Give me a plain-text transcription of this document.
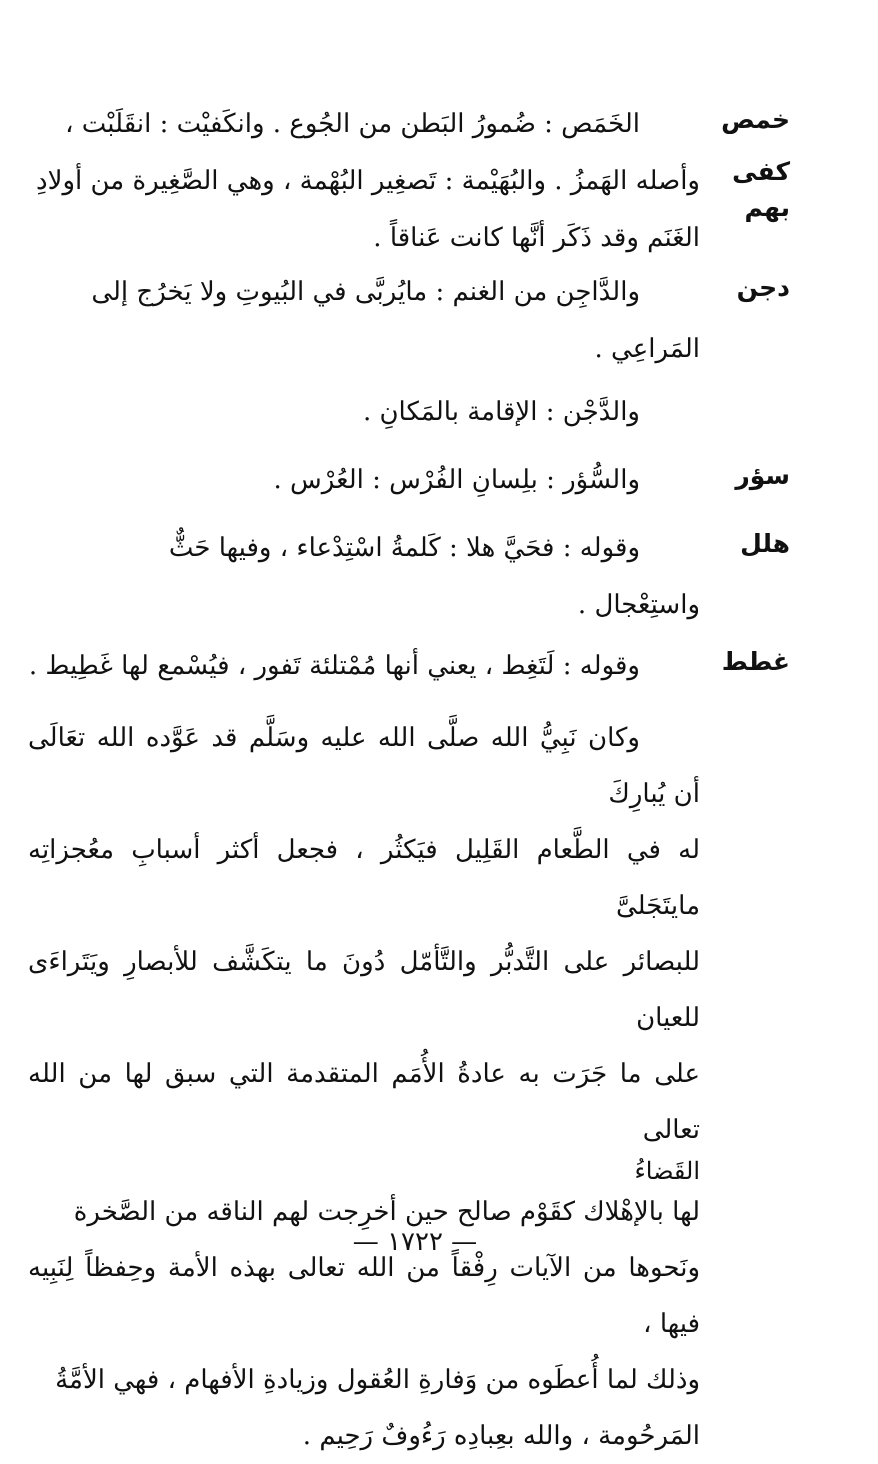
خمص
كفى
بهم
الخَمَص : ضُمورُ البَطن من الجُوع . وانكَفيْت : انقَلَبْت ،
وأصله الهَمزُ . والبُهَيْمة : تَصغِير البُهْمة ، وهي الصَّغِيرة من أولادِ
الغَنَم وقد ذَكَر أنَّها كانت عَناقاً .
دجن
والدَّاجِن من الغنم : مايُربَّى في البُيوتِ ولا يَخرُج إلى
المَراعِي .
والدَّجْن : الإقامة بالمَكانِ .
سؤر
والسُّؤر : بلِسانِ الفُرْس : العُرْس .
هلل
وقوله : فحَيَّ هلا : كَلمةُ اسْتِدْعاء ، وفيها حَثٌّ
واستِعْجال .
غطط
وقوله : لَتَغِط ، يعني أنها مُمْتلئة تَفور ، فيُسْمع لها غَطِيط .
وكان نَبِيُّ الله صلَّى الله عليه وسَلَّم قد عَوَّده الله تعَالَى أن يُبارِكَ
له في الطَّعام القَلِيل فيَكثُر ، فجعل أكثر أسبابِ معُجزاتِه مايتَجَلىَّ
للبصائر على التَّدبُّر والتَّأمّل دُونَ ما يتكَشَّف للأبصارِ ويَتَراءَى للعيان
على ما جَرَت به عادةُ الأُمَم المتقدمة التي سبق لها من الله تعالى
القَضاءُ
لها بالإهْلاك كقَوْم صالح حين أخرِجت لهم الناقه من الصَّخرة
ونَحوها من الآيات رِفْقاً من الله تعالى بهذه الأمة وحِفظاً لِنَبِيه فيها ،
وذلك لما أُعطَوه من وَفارةِ العُقول وزيادةِ الأفهام ، فهي الأمَّةُ
المَرحُومة ، والله بعِبادِه رَءُوفٌ رَحِيم .
— ١٧٢٢ —
